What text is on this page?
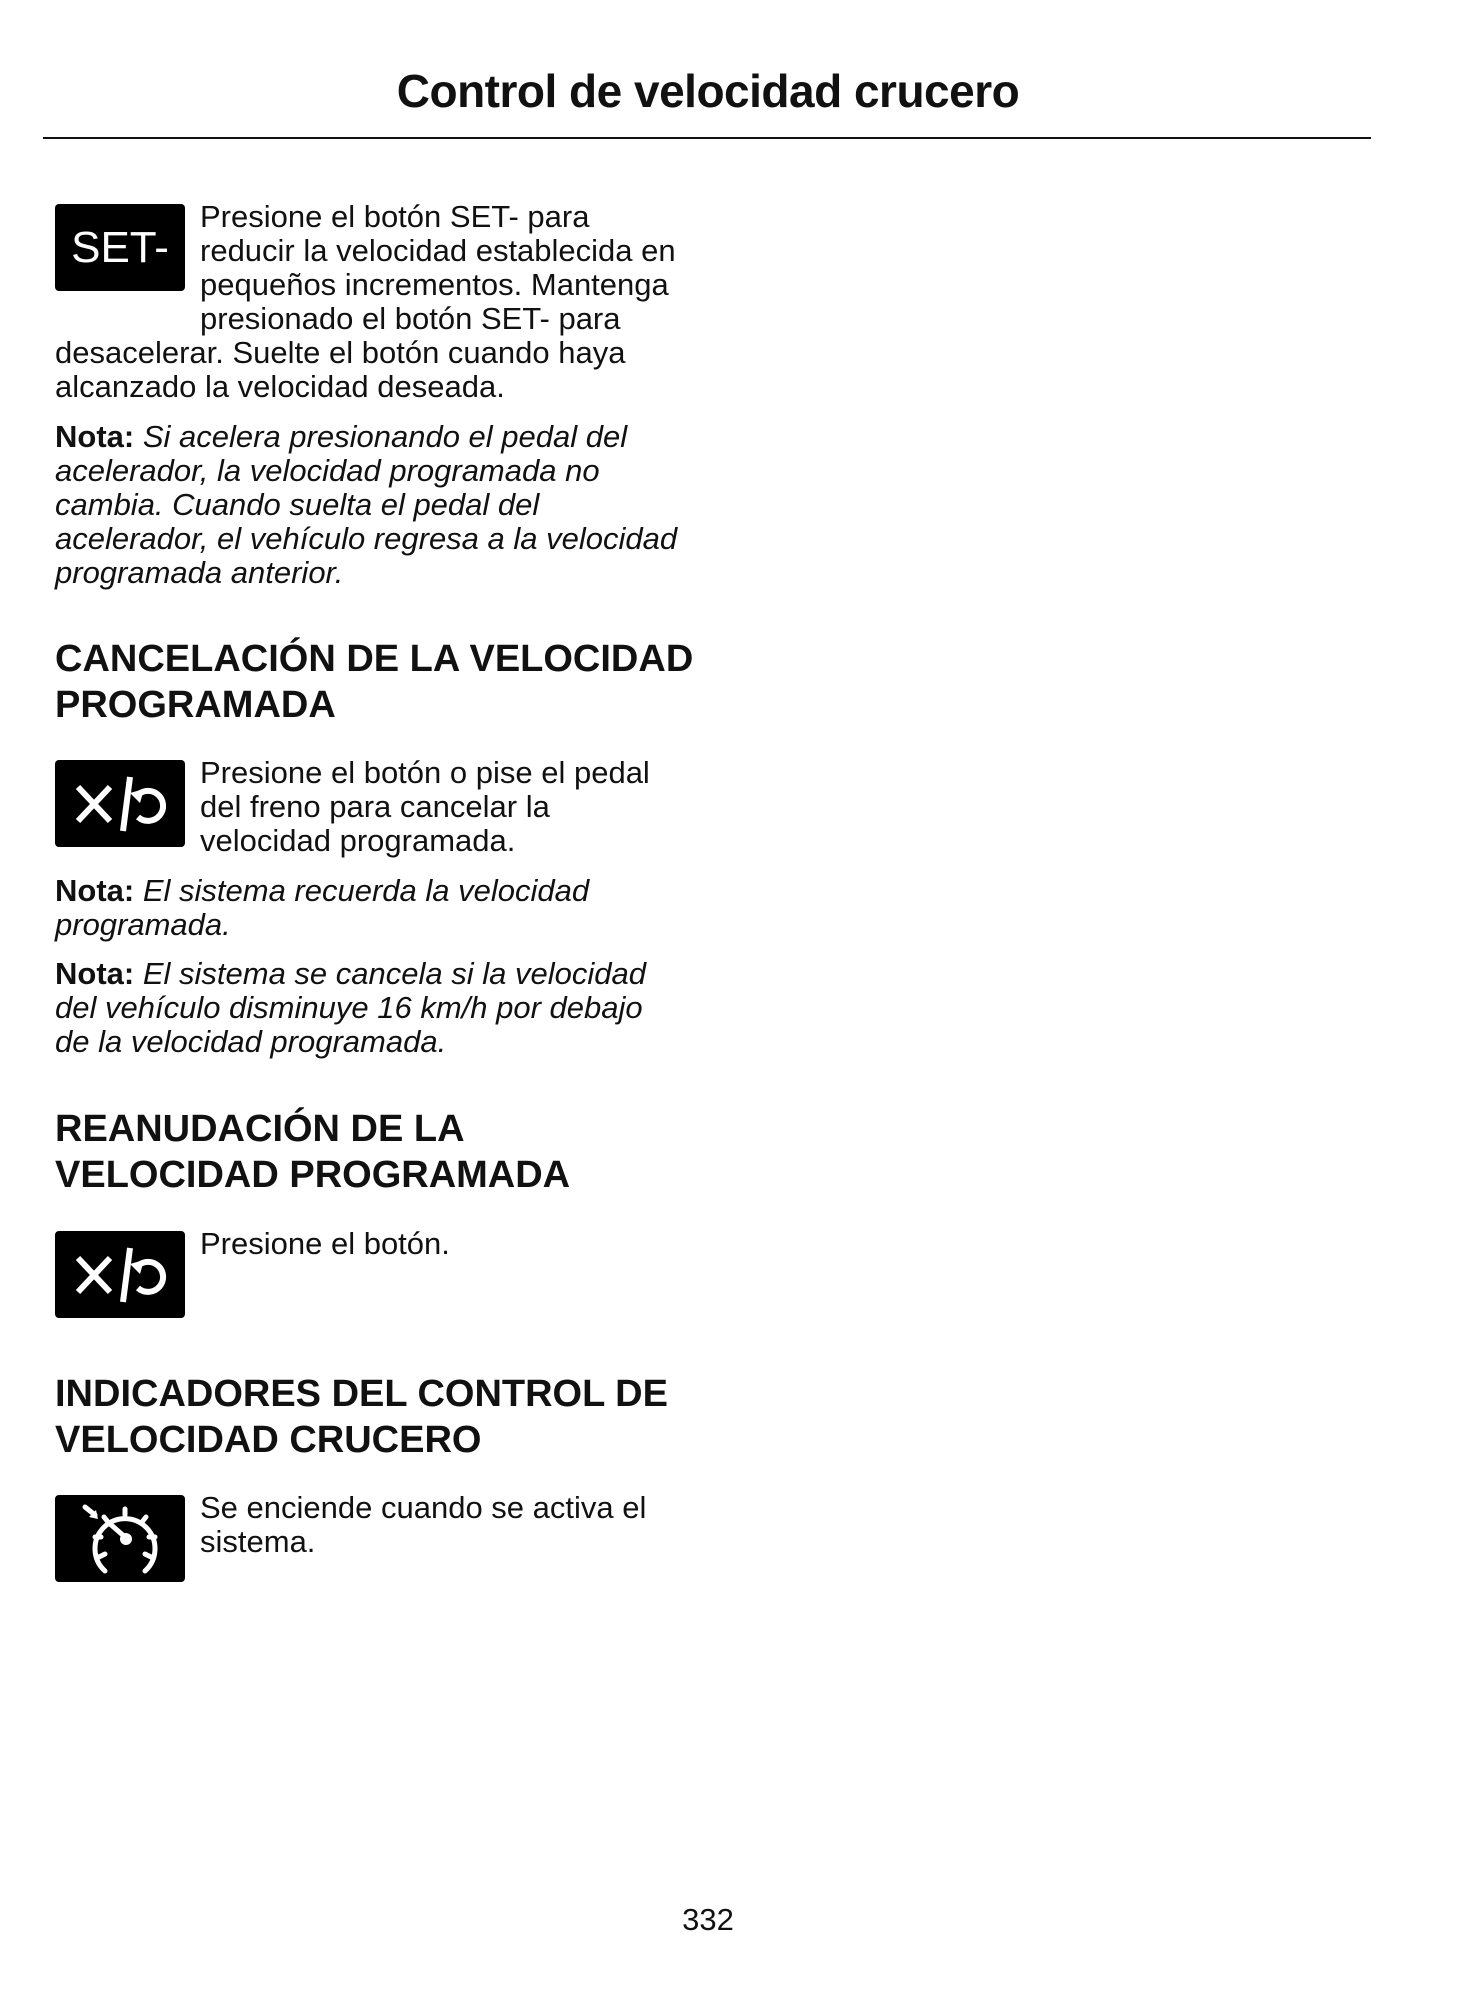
Control de velocidad crucero
SET-
Presione el botón SET- para reducir la velocidad establecida en pequeños incrementos. Mantenga presionado el botón SET- para desacelerar. Suelte el botón cuando haya alcanzado la velocidad deseada.
Nota: Si acelera presionando el pedal del acelerador, la velocidad programada no cambia. Cuando suelta el pedal del acelerador, el vehículo regresa a la velocidad programada anterior.
CANCELACIÓN DE LA VELOCIDAD PROGRAMADA
Presione el botón o pise el pedal del freno para cancelar la velocidad programada.
Nota: El sistema recuerda la velocidad programada.
Nota: El sistema se cancela si la velocidad del vehículo disminuye 16 km/h por debajo de la velocidad programada.
REANUDACIÓN DE LA VELOCIDAD PROGRAMADA
Presione el botón.
INDICADORES DEL CONTROL DE VELOCIDAD CRUCERO
Se enciende cuando se activa el sistema.
332
